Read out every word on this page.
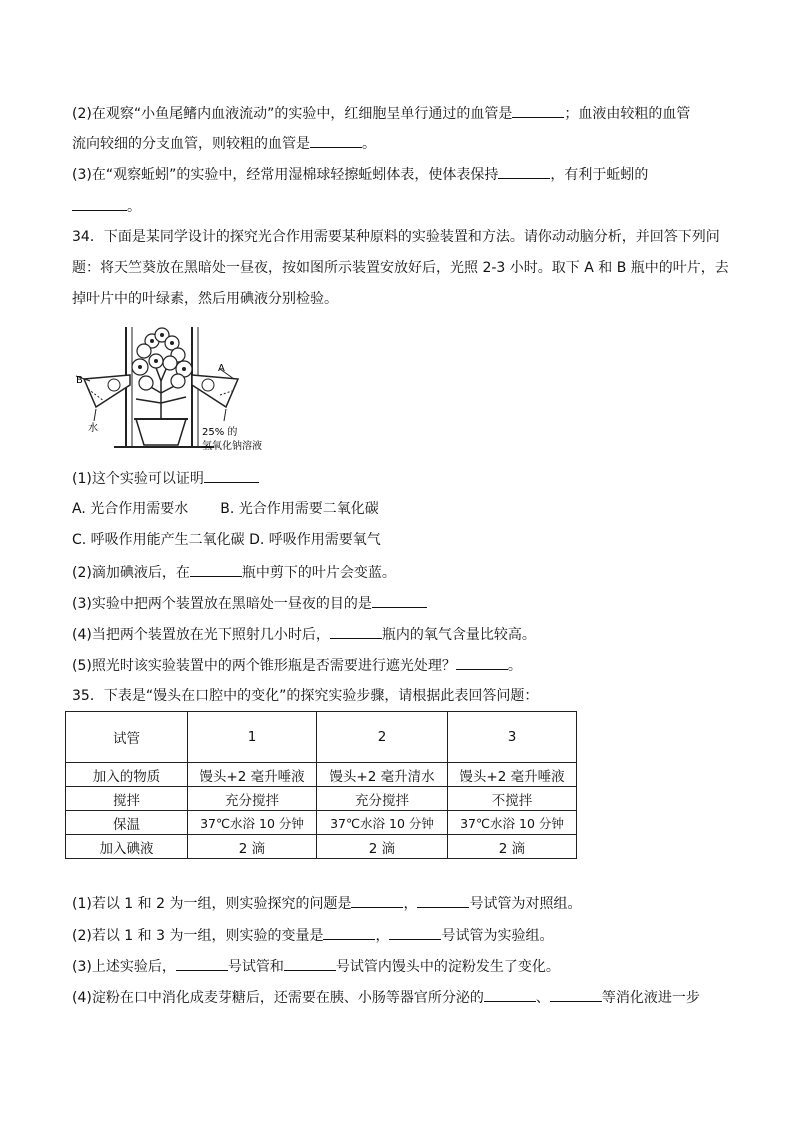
(2)在观察“小鱼尾鳍内血液流动”的实验中，红细胞呈单行通过的血管是	；血液由较粗的血管
流向较细的分支血管，则较粗的血管是	。
(3)在“观察蚯蚓”的实验中，经常用湿棉球轻擦蚯蚓体表，使体表保持	，有利于蚯蚓的
。
34．下面是某同学设计的探究光合作用需要某种原料的实验装置和方法。请你动动脑分析，并回答下列问
题：将天竺葵放在黑暗处一昼夜，按如图所示装置安放好后，光照 2-3 小时。取下 A 和 B 瓶中的叶片，去
掉叶片中的叶绿素，然后用碘液分别检验。
B
A
水	25% 的
氢氧化钠溶液
(1)这个实验可以证明
A. 光合作用需要水 B. 光合作用需要二氧化碳
C. 呼吸作用能产生二氧化碳 D. 呼吸作用需要氧气
(2)滴加碘液后，在	瓶中剪下的叶片会变蓝。
(3)实验中把两个装置放在黑暗处一昼夜的目的是
(4)当把两个装置放在光下照射几小时后，	瓶内的氧气含量比较高。
(5)照光时该实验装置中的两个锥形瓶是否需要进行遮光处理？	。
35．下表是“馒头在口腔中的变化”的探究实验步骤，请根据此表回答问题：
试管	1	2	3
加入的物质	馒头+2 毫升唾液	馒头+2 毫升清水	馒头+2 毫升唾液
搅拌	充分搅拌	充分搅拌	不搅拌
保温	37℃水浴 10 分钟	37℃水浴 10 分钟	37℃水浴 10 分钟
加入碘液	2 滴	2 滴	2 滴
(1)若以 1 和 2 为一组，则实验探究的问题是	，	号试管为对照组。
(2)若以 1 和 3 为一组，则实验的变量是	，	号试管为实验组。
(3)上述实验后，	号试管和	号试管内馒头中的淀粉发生了变化。
(4)淀粉在口中消化成麦芽糖后，还需要在胰、小肠等器官所分泌的	、	等消化液进一步
